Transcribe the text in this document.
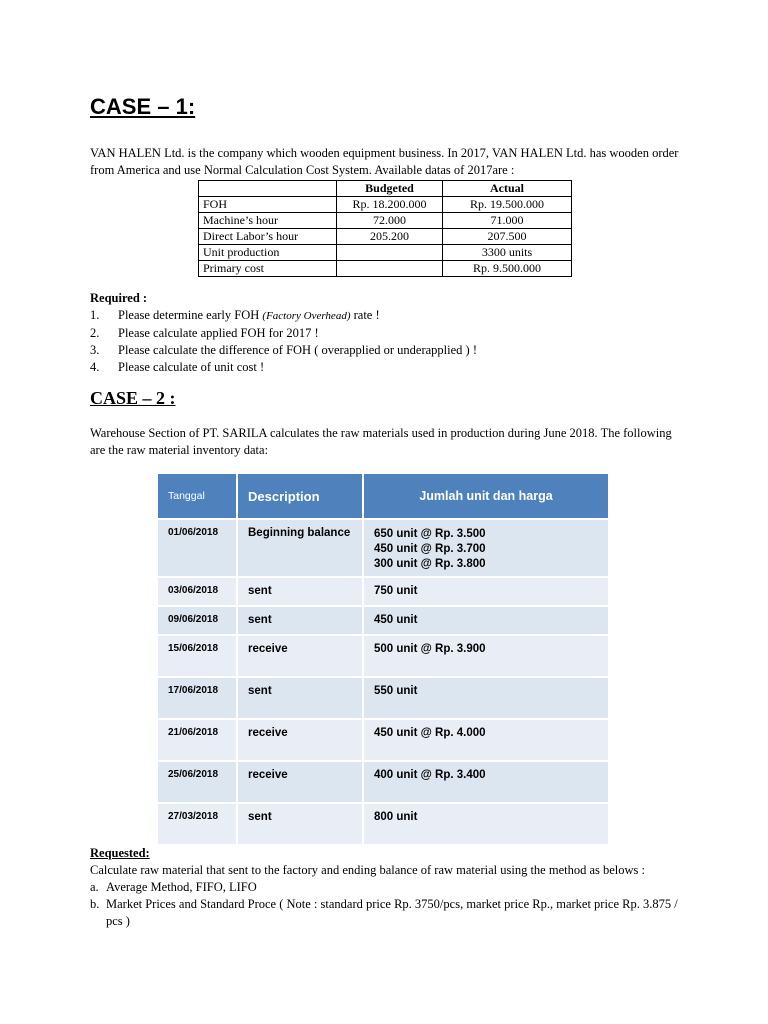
CASE – 1:
VAN HALEN Ltd. is the company which wooden equipment business. In 2017, VAN HALEN Ltd. has wooden order from America and use Normal Calculation Cost System. Available datas of 2017are :
	Budgeted	Actual
FOH	Rp. 18.200.000	Rp. 19.500.000
Machine’s hour	72.000	71.000
Direct Labor’s hour	205.200	207.500
Unit production		3300 units
Primary cost		Rp. 9.500.000
Required :
1. Please determine early FOH (Factory Overhead) rate !
2. Please calculate applied FOH for 2017 !
3. Please calculate the difference of FOH ( overapplied or underapplied ) !
4. Please calculate of unit cost !
CASE – 2 :
Warehouse Section of PT. SARILA calculates the raw materials used in production during June 2018. The following are the raw material inventory data:
Tanggal	Description	Jumlah unit dan harga
01/06/2018	Beginning balance	650 unit @ Rp. 3.500
450 unit @ Rp. 3.700
300 unit @ Rp. 3.800

03/06/2018	sent	750 unit
09/06/2018	sent	450 unit
15/06/2018	receive	500 unit @ Rp. 3.900
17/06/2018	sent	550 unit
21/06/2018	receive	450 unit @ Rp. 4.000
25/06/2018	receive	400 unit @ Rp. 3.400
27/03/2018	sent	800 unit
Requested:
Calculate raw material that sent to the factory and ending balance of raw material using the method as belows :
a. Average Method, FIFO, LIFO
b. Market Prices and Standard Proce ( Note : standard price Rp. 3750/pcs, market price Rp., market price Rp. 3.875 / pcs )
